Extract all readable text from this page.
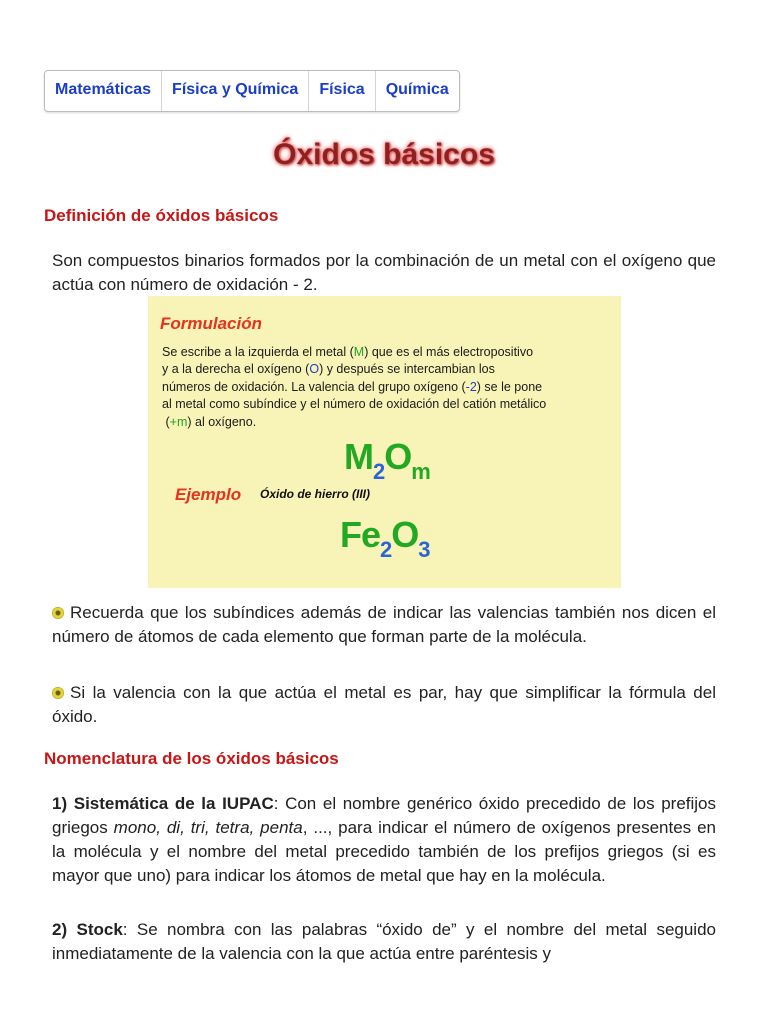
Matemáticas	Física y Química	Física	Química
Óxidos básicos
Definición de óxidos básicos
Son compuestos binarios formados por la combinación de un metal con el oxígeno que actúa con número de oxidación - 2.
Formulación
Se escribe a la izquierda el metal (M) que es el más electropositivo
y a la derecha el oxígeno (O) y después se intercambian los
números de oxidación. La valencia del grupo oxígeno (-2) se le pone
al metal como subíndice y el número de oxidación del catión metálico
(+m) al oxígeno.
$M_2O_m$
Ejemplo Óxido de hierro (III)
$Fe_2O_3$
Recuerda que los subíndices además de indicar las valencias también nos dicen el número de átomos de cada elemento que forman parte de la molécula.
Si la valencia con la que actúa el metal es par, hay que simplificar la fórmula del óxido.
Nomenclatura de los óxidos básicos
1) Sistemática de la IUPAC: Con el nombre genérico óxido precedido de los prefijos griegos mono, di, tri, tetra, penta, ..., para indicar el número de oxígenos presentes en la molécula y el nombre del metal precedido también de los prefijos griegos (si es mayor que uno) para indicar los átomos de metal que hay en la molécula.
2) Stock: Se nombra con las palabras “óxido de” y el nombre del metal seguido inmediatamente de la valencia con la que actúa entre paréntesis y
